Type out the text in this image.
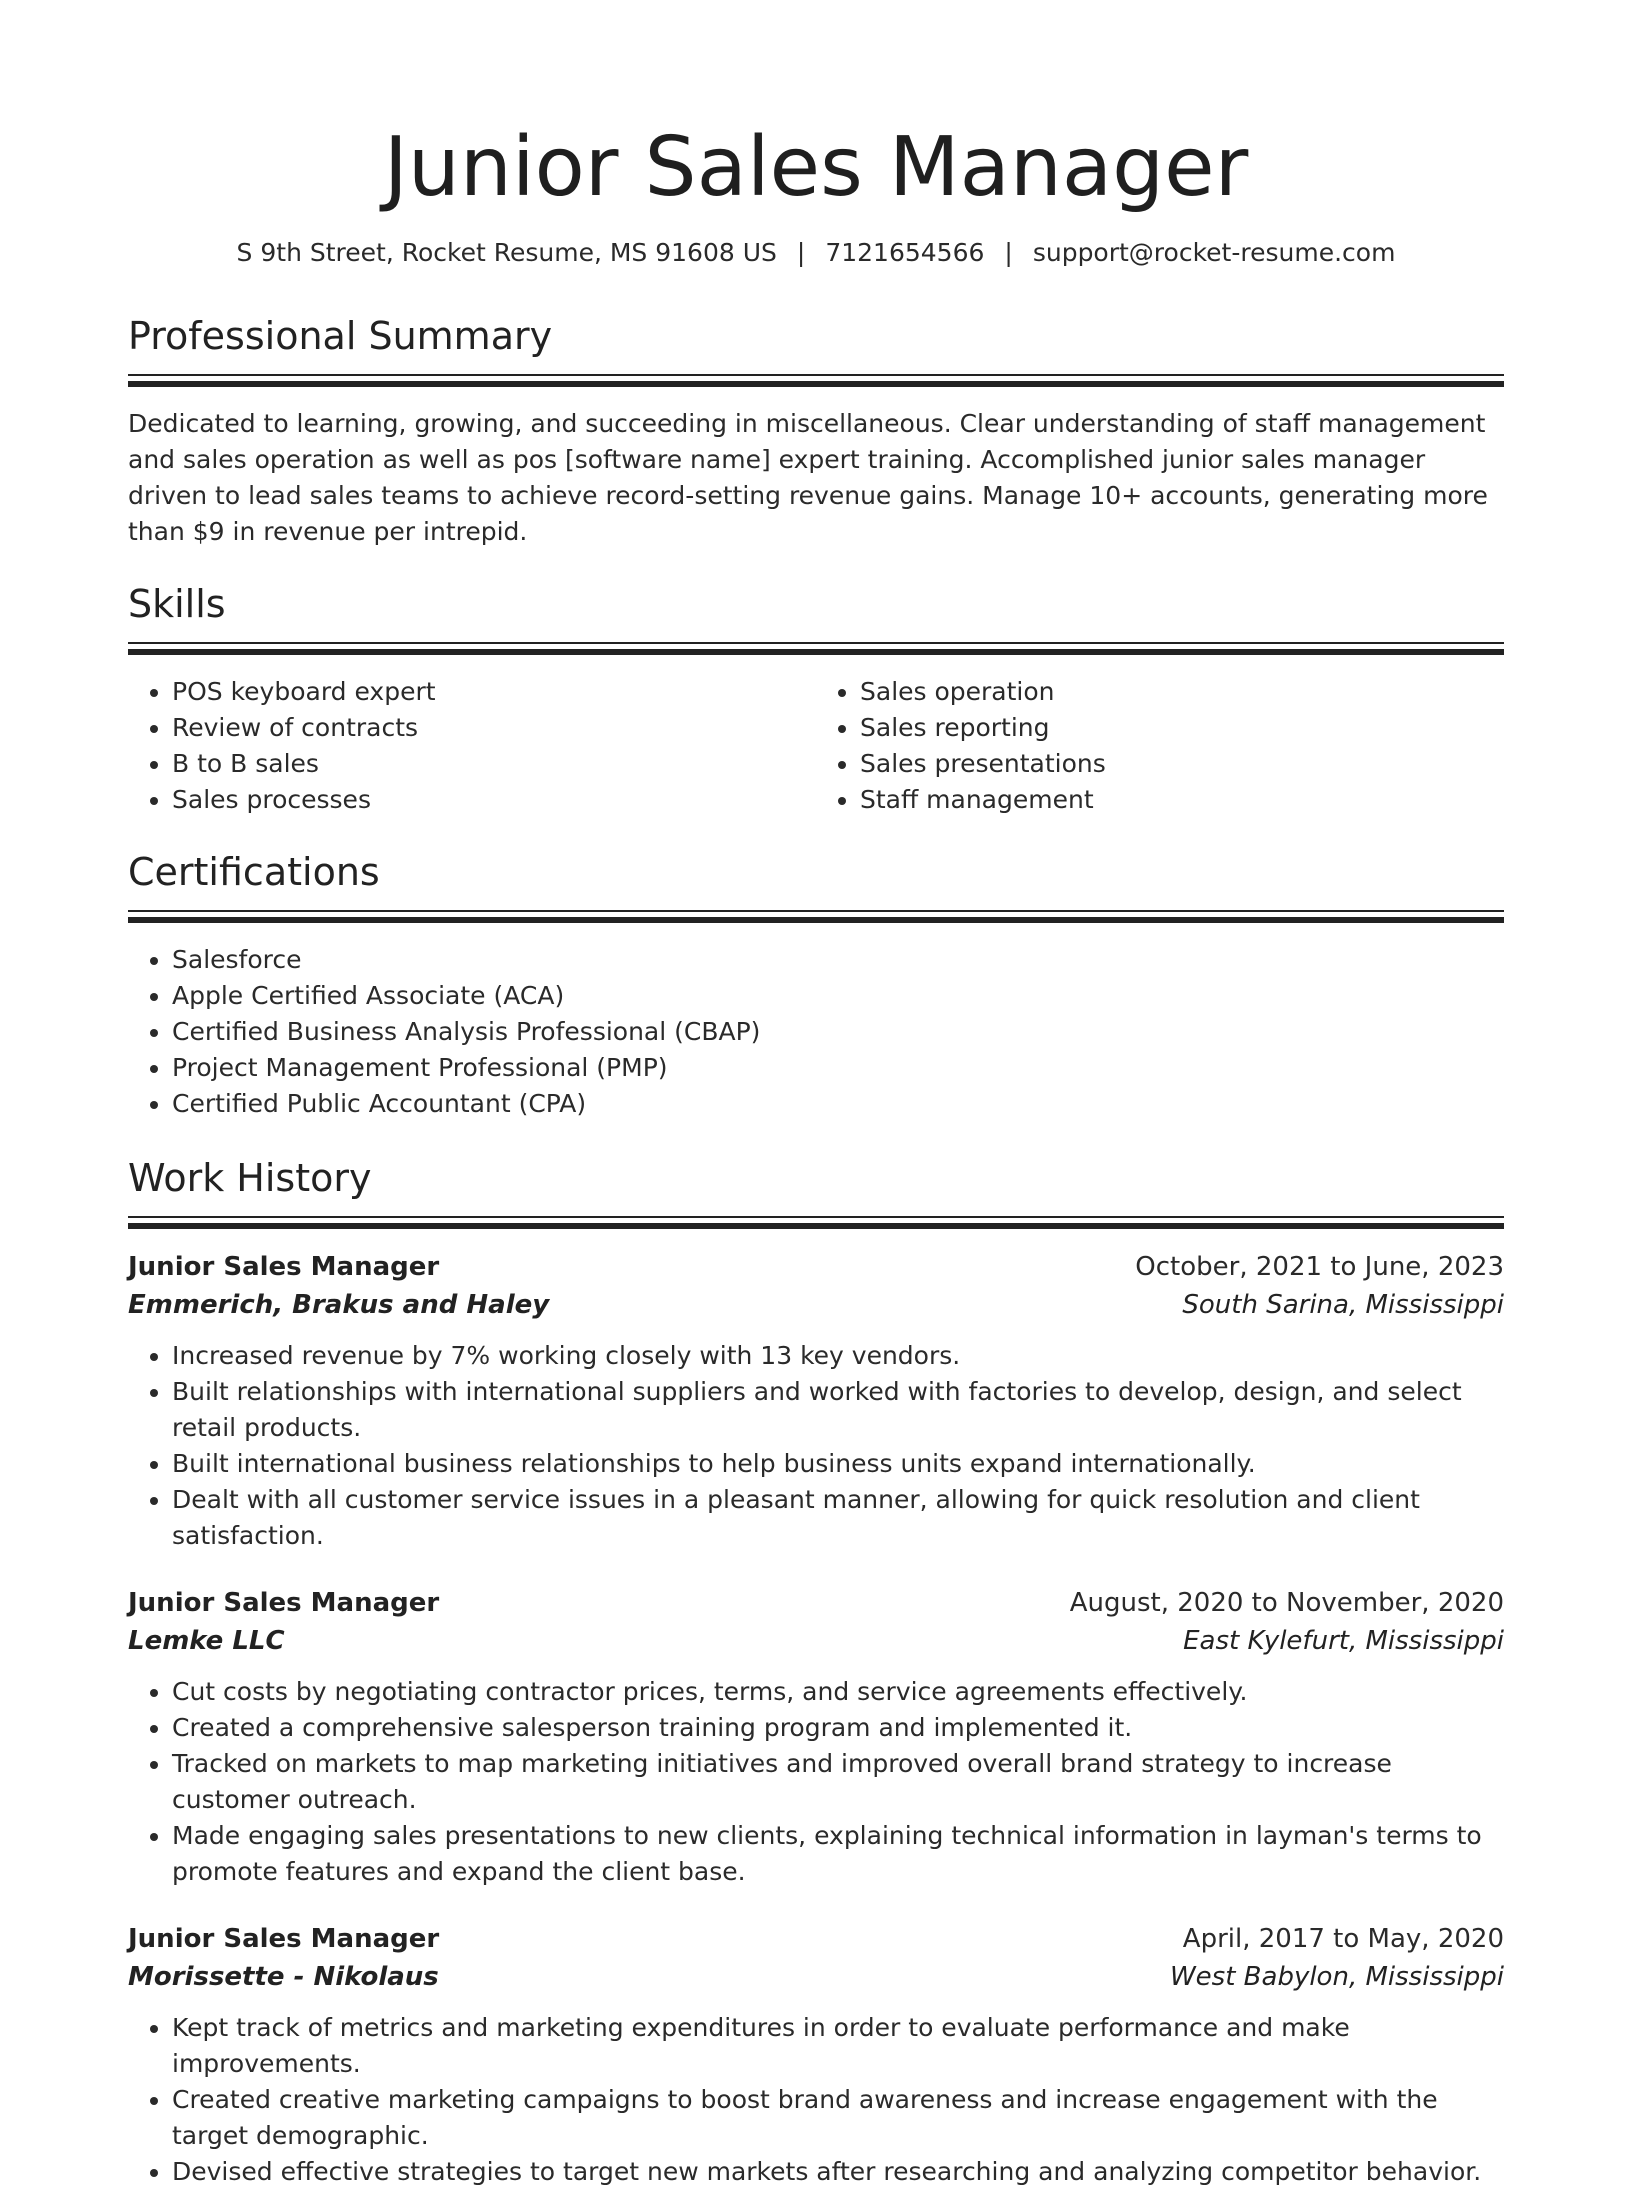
Junior Sales Manager
S 9th Street, Rocket Resume, MS 91608 US | 7121654566 | support@rocket-resume.com
Professional Summary

Dedicated to learning, growing, and succeeding in miscellaneous. Clear understanding of staff management and sales operation as well as pos [software name] expert training. Accomplished junior sales manager driven to lead sales teams to achieve record-setting revenue gains. Manage 10+ accounts, generating more than $9 in revenue per intrepid.

Skills
• POS keyboard expert
• Review of contracts
• B to B sales
• Sales processes
• Sales operation
• Sales reporting
• Sales presentations
• Staff management
Certifications
• Salesforce
• Apple Certified Associate (ACA)
• Certified Business Analysis Professional (CBAP)
• Project Management Professional (PMP)
• Certified Public Accountant (CPA)
Work History
Junior Sales Manager	October, 2021 to June, 2023
Emmerich, Brakus and Haley	South Sarina, Mississippi
• Increased revenue by 7% working closely with 13 key vendors.
• Built relationships with international suppliers and worked with factories to develop, design, and select retail products.
• Built international business relationships to help business units expand internationally.
• Dealt with all customer service issues in a pleasant manner, allowing for quick resolution and client satisfaction.
Junior Sales Manager	August, 2020 to November, 2020
Lemke LLC	East Kylefurt, Mississippi
• Cut costs by negotiating contractor prices, terms, and service agreements effectively.
• Created a comprehensive salesperson training program and implemented it.
• Tracked on markets to map marketing initiatives and improved overall brand strategy to increase customer outreach.
• Made engaging sales presentations to new clients, explaining technical information in layman's terms to promote features and expand the client base.
Junior Sales Manager	April, 2017 to May, 2020
Morissette - Nikolaus	West Babylon, Mississippi
• Kept track of metrics and marketing expenditures in order to evaluate performance and make improvements.
• Created creative marketing campaigns to boost brand awareness and increase engagement with the target demographic.
• Devised effective strategies to target new markets after researching and analyzing competitor behavior.
